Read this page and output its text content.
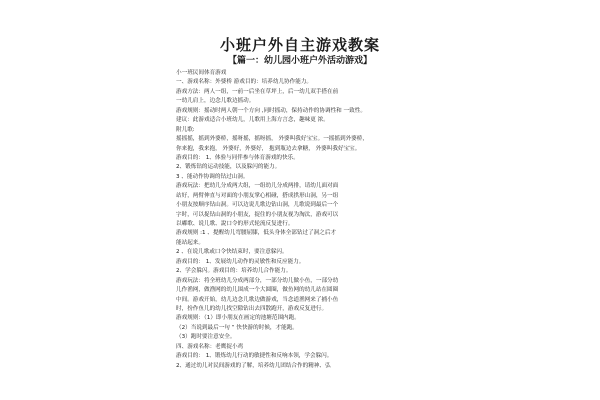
小班户外自主游戏教案
【篇一：幼儿园小班户外活动游戏】
小一班民间体育游戏
一、游戏名称：外婆桥 游戏目的：培养幼儿协作能力。
游戏方法：两人一组，一前一后坐在草坪上，后一幼儿双手搭在前
一幼儿肩上，边念儿歌边摇动。
游戏规则：摇动时两人朝一个方向 ,同时摇动，保持动作的协调性和 一致性。
建议：此游戏适合小班幼儿，儿歌用上海方言念，趣味更 浓。
附儿歌:
摇摇摇，摇到外婆桥，摇呀摇，摇呀摇， 外婆叫我好宝宝。一摇摇到外婆桥，
你来抱，我来抱， 外婆好，外婆好， 抱到瓶边去拿糖， 外婆叫我好宝宝。
游戏目的： 1、体验与同伴参与体育游戏的快乐。
2、锻炼钻的运动技能，以及躲闪的能力。
3 、能动作协调的钻过山洞。
游戏玩法：把幼儿分成两大组，一组幼儿分成两排，请幼儿面对面
站好，两臂伸直与对面的小朋友掌心相碰，搭成拱形山洞，另一组
小朋友按顺序钻山洞。可以边说儿歌边钻山洞，儿歌说到最后一个
字时，可以捉钻山洞的小朋友，捉住的小朋友视为淘汰，游戏可以
以嘟歌、说儿歌、說口令的形式轮流反复进行。
游戏规则 :1 、提醒幼儿弯腰屈膝，低头身体全部钻过了洞之后才
能站起来。
2 、在说儿歌或口令快结束时，要注意躲闪。
游戏目的： 1、发展幼儿动作的灵敏性和反应能力。
2、学会躲闪。游戏目的：培养幼儿合作能力。
游戏玩法：将全班幼儿分成两部分，一部分幼儿做小鱼，一部分幼
儿作渔网，做渔网的幼儿围成一个大圆圈，做鱼网的幼儿站在圆圈
中间。游戏开始，幼儿边念儿歌边做游戏，当念道渔网来了捕小鱼
时，扮作鱼儿的幼儿找空隙钻出去四散跑开，游戏反复进行。
游戏规则：（1）即小朋友在画定的池塘范围内跑。
（2）当说到最后一句 “ 快快游的时候，才能跑。
（3）跑时要注意安全。
四、游戏名称：老鹰捉小鸡
游戏目的： 1、锻炼幼儿行动的敏捷性和反响本领，学会躲闪。
2、通过幼儿对民间游戏的了解，培养幼儿团结合作的精神、弘
